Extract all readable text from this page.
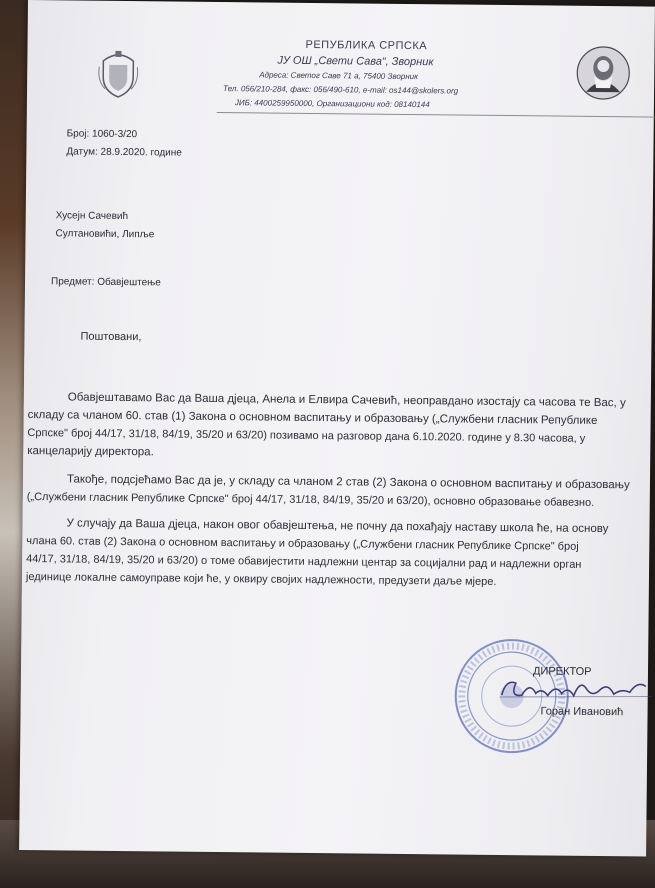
РЕПУБЛИКА СРПСКА
ЈУ ОШ „Свети Сава“, Зворник
Адреса: Светог Саве 71 а, 75400 Зворник
Тел. 056/210-284, факс: 056/490-610, e-mail: os144@skolers.org
ЈИБ: 4400259950000, Организациони код: 08140144
Број: 1060-3/20
Датум: 28.9.2020. године
Хусејн Сачевић
Султановићи, Липље
Предмет: Обавјештење
Поштовани,
Обавјештавамо Вас да Ваша дјеца, Анела и Елвира Сачевић, неоправдано изостају са часова те Вас, у
складу са чланом 60. став (1) Закона о основном васпитању и образовању („Службени гласник Републике
Српске" број 44/17, 31/18, 84/19, 35/20 и 63/20) позивамо на разговор дана 6.10.2020. године у 8.30 часова, у
канцеларију директора.
Такође, подсјећамо Вас да је, у складу са чланом 2 став (2) Закона о основном васпитању и образовању
(„Службени гласник Републике Српске" број 44/17, 31/18, 84/19, 35/20 и 63/20), основно образовање обавезно.
У случају да Ваша дјеца, након овог обавјештења, не почну да похађају наставу школа ће, на основу
члана 60. став (2) Закона о основном васпитању и образовању („Службени гласник Републике Српске" број
44/17, 31/18, 84/19, 35/20 и 63/20) о томе обавијестити надлежни центар за социјални рад и надлежни орган
јединице локалне самоуправе који ће, у оквиру својих надлежности, предузети даље мјере.
ДИРЕКТОР
Горан Ивановић
